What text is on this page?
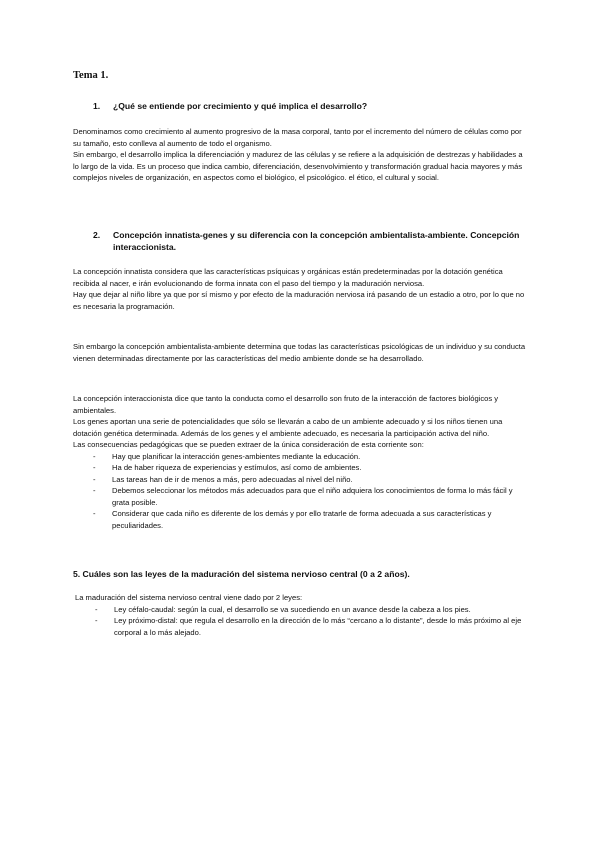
Tema 1.
1. ¿Qué se entiende por crecimiento y qué implica el desarrollo?

Denominamos como crecimiento al aumento progresivo de la masa corporal, tanto por el incremento del número de células como por su tamaño, esto conlleva al aumento de todo el organismo.

Sin embargo, el desarrollo implica la diferenciación y madurez de las células y se refiere a la adquisición de destrezas y habilidades a lo largo de la vida. Es un proceso que indica cambio, diferenciación, desenvolvimiento y transformación gradual hacia mayores y más complejos niveles de organización, en aspectos como el biológico, el psicológico. el ético, el cultural y social.

2. Concepción innatista-genes y su diferencia con la concepción ambientalista-ambiente. Concepción interaccionista.

La concepción innatista considera que las características psíquicas y orgánicas están predeterminadas por la dotación genética recibida al nacer, e irán evolucionando de forma innata con el paso del tiempo y la maduración nerviosa.

Hay que dejar al niño libre ya que por sí mismo y por efecto de la maduración nerviosa irá pasando de un estadio a otro, por lo que no es necesaria la programación.

Sin embargo la concepción ambientalista-ambiente determina que todas las características psicológicas de un individuo y su conducta vienen determinadas directamente por las características del medio ambiente donde se ha desarrollado.

La concepción interaccionista dice que tanto la conducta como el desarrollo son fruto de la interacción de factores biológicos y ambientales.

Los genes aportan una serie de potencialidades que sólo se llevarán a cabo de un ambiente adecuado y si los niños tienen una dotación genética determinada. Además de los genes y el ambiente adecuado, es necesaria la participación activa del niño.

Las consecuencias pedagógicas que se pueden extraer de la única consideración de esta corriente son:

-	Hay que planificar la interacción genes-ambientes mediante la educación.
-	Ha de haber riqueza de experiencias y estímulos, así como de ambientes.
-	Las tareas han de ir de menos a más, pero adecuadas al nivel del niño.
-	Debemos seleccionar los métodos más adecuados para que el niño adquiera los conocimientos de forma lo más fácil y grata posible.
-	Considerar que cada niño es diferente de los demás y por ello tratarle de forma adecuada a sus características y peculiaridades.
5. Cuáles son las leyes de la maduración del sistema nervioso central (0 a 2 años).

La maduración del sistema nervioso central viene dado por 2 leyes:

-	Ley céfalo-caudal: según la cual, el desarrollo se va sucediendo en un avance desde la cabeza a los pies.
-	Ley próximo-distal: que regula el desarrollo en la dirección de lo más “cercano a lo distante”, desde lo más próximo al eje corporal a lo más alejado.
